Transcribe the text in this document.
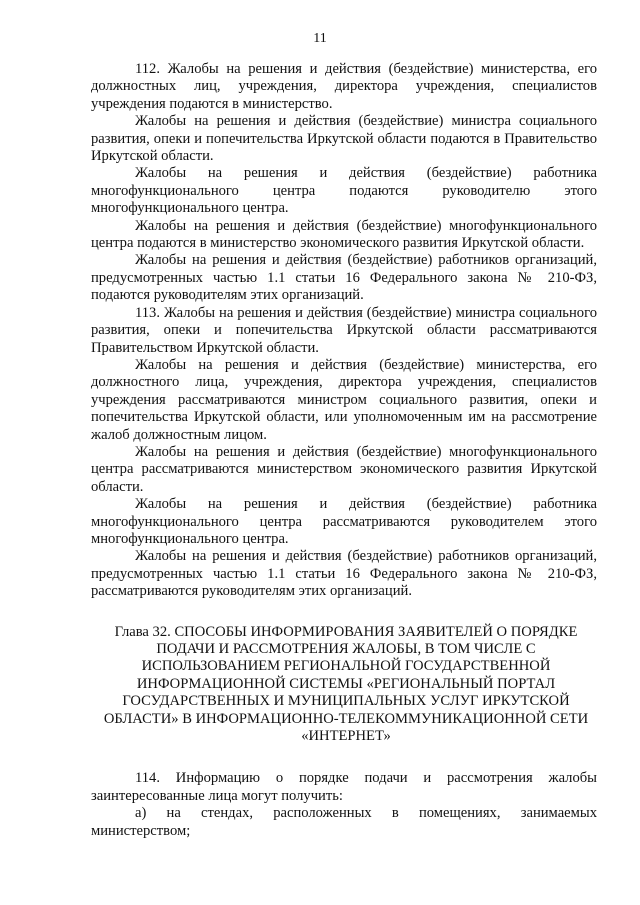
11

112. Жалобы на решения и действия (бездействие) министерства, его должностных лиц, учреждения, директора учреждения, специалистов учреждения подаются в министерство.

Жалобы на решения и действия (бездействие) министра социального развития, опеки и попечительства Иркутской области подаются в Правительство Иркутской области.

Жалобы на решения и действия (бездействие) работника многофункционального центра подаются руководителю этого многофункционального центра.

Жалобы на решения и действия (бездействие) многофункционального центра подаются в министерство экономического развития Иркутской области.

Жалобы на решения и действия (бездействие) работников организаций, предусмотренных частью 1.1 статьи 16 Федерального закона № 210-ФЗ, подаются руководителям этих организаций.

113. Жалобы на решения и действия (бездействие) министра социального развития, опеки и попечительства Иркутской области рассматриваются Правительством Иркутской области.

Жалобы на решения и действия (бездействие) министерства, его должностного лица, учреждения, директора учреждения, специалистов учреждения рассматриваются министром социального развития, опеки и попечительства Иркутской области, или уполномоченным им на рассмотрение жалоб должностным лицом.

Жалобы на решения и действия (бездействие) многофункционального центра рассматриваются министерством экономического развития Иркутской области.

Жалобы на решения и действия (бездействие) работника многофункционального центра рассматриваются руководителем этого многофункционального центра.

Жалобы на решения и действия (бездействие) работников организаций, предусмотренных частью 1.1 статьи 16 Федерального закона № 210-ФЗ, рассматриваются руководителям этих организаций.

Глава 32. СПОСОБЫ ИНФОРМИРОВАНИЯ ЗАЯВИТЕЛЕЙ О ПОРЯДКЕ ПОДАЧИ И РАССМОТРЕНИЯ ЖАЛОБЫ, В ТОМ ЧИСЛЕ С ИСПОЛЬЗОВАНИЕМ РЕГИОНАЛЬНОЙ ГОСУДАРСТВЕННОЙ ИНФОРМАЦИОННОЙ СИСТЕМЫ «РЕГИОНАЛЬНЫЙ ПОРТАЛ ГОСУДАРСТВЕННЫХ И МУНИЦИПАЛЬНЫХ УСЛУГ ИРКУТСКОЙ ОБЛАСТИ» В ИНФОРМАЦИОННО-ТЕЛЕКОММУНИКАЦИОННОЙ СЕТИ «ИНТЕРНЕТ»

114. Информацию о порядке подачи и рассмотрения жалобы заинтересованные лица могут получить:

а) на стендах, расположенных в помещениях, занимаемых министерством;
